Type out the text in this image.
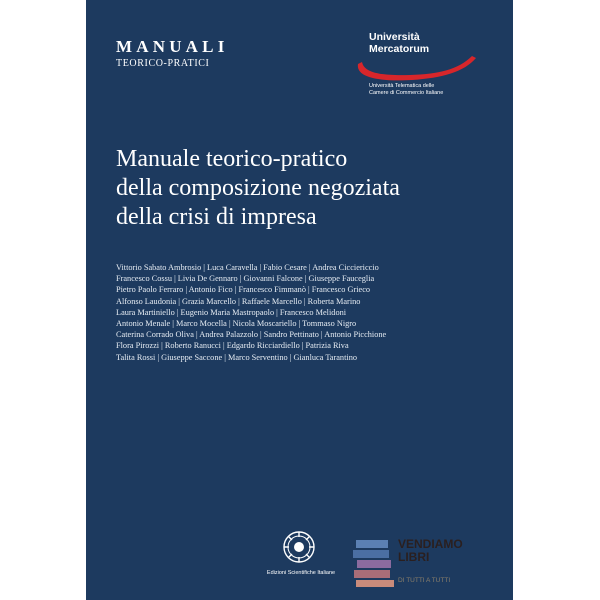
MANUALI
TEORICO-PRATICI
Università
Mercatorum
Università Telematica delle
Camere di Commercio Italiane
Manuale teorico-pratico
della composizione negoziata
della crisi di impresa
Vittorio Sabato Ambrosio | Luca Caravella | Fabio Cesare | Andrea Cicciericcio
Francesco Cossu | Livia De Gennaro | Giovanni Falcone | Giuseppe Fauceglia
Pietro Paolo Ferraro | Antonio Fico | Francesco Fimmanò | Francesco Grieco
Alfonso Laudonia | Grazia Marcello | Raffaele Marcello | Roberta Marino
Laura Martiniello | Eugenio Maria Mastropaolo | Francesco Melidoni
Antonio Menale | Marco Mocella | Nicola Moscariello | Tommaso Nigro
Caterina Corrado Oliva | Andrea Palazzolo | Sandro Pettinato | Antonio Picchione
Flora Pirozzi | Roberto Ranucci | Edgardo Ricciardiello | Patrizia Riva
Talita Rossi | Giuseppe Saccone | Marco Serventino | Gianluca Tarantino
Edizioni Scientifiche Italiane
VENDIAMO
LIBRI
DI TUTTI A TUTTI
